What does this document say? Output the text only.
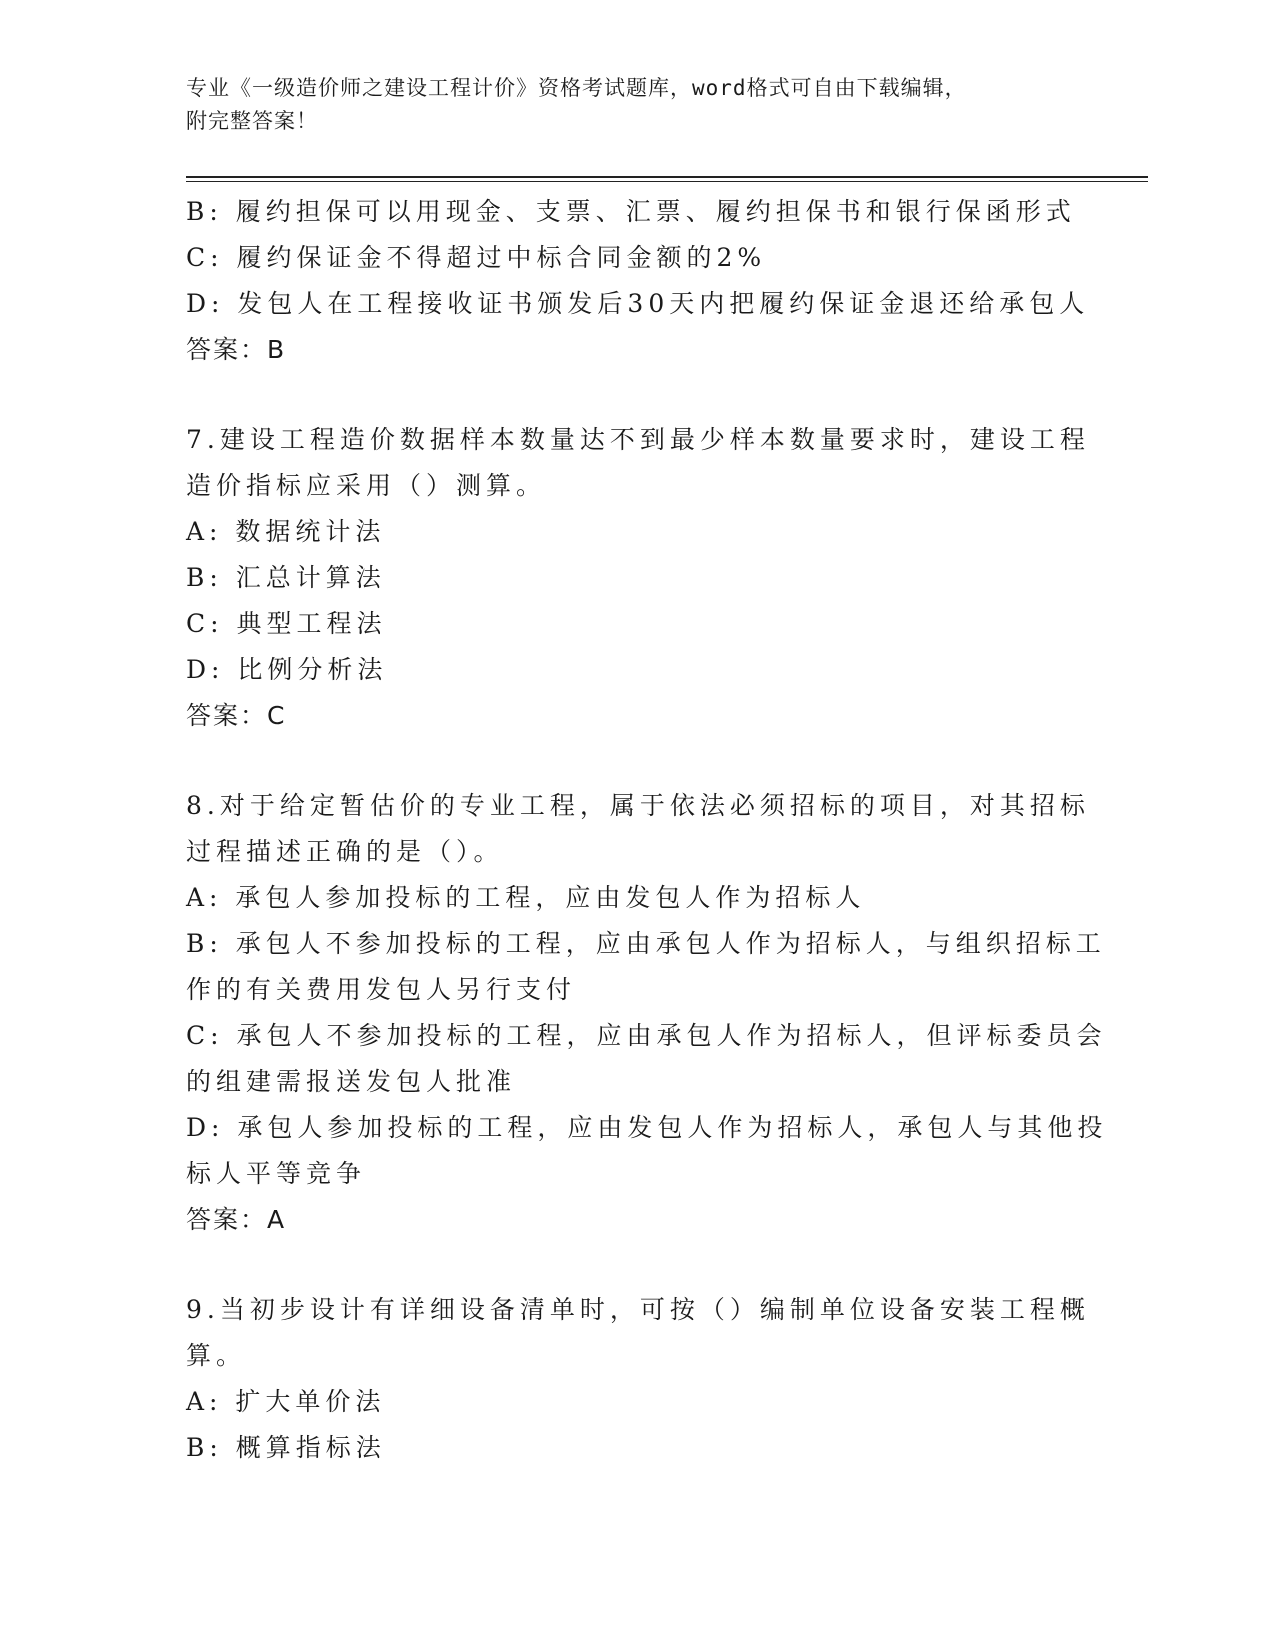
专业《一级造价师之建设工程计价》资格考试题库，word格式可自由下载编辑，
附完整答案！
B: 履约担保可以用现金、支票、汇票、履约担保书和银行保函形式
C: 履约保证金不得超过中标合同金额的2%
D: 发包人在工程接收证书颁发后30天内把履约保证金退还给承包人
答案：B
7.建设工程造价数据样本数量达不到最少样本数量要求时，建设工程
造价指标应采用（）测算。
A: 数据统计法
B: 汇总计算法
C: 典型工程法
D: 比例分析法
答案：C
8.对于给定暂估价的专业工程，属于依法必须招标的项目，对其招标
过程描述正确的是（）。
A: 承包人参加投标的工程，应由发包人作为招标人
B: 承包人不参加投标的工程，应由承包人作为招标人，与组织招标工
作的有关费用发包人另行支付
C: 承包人不参加投标的工程，应由承包人作为招标人，但评标委员会
的组建需报送发包人批准
D: 承包人参加投标的工程，应由发包人作为招标人，承包人与其他投
标人平等竞争
答案：A
9.当初步设计有详细设备清单时，可按（）编制单位设备安装工程概
算。
A: 扩大单价法
B: 概算指标法
